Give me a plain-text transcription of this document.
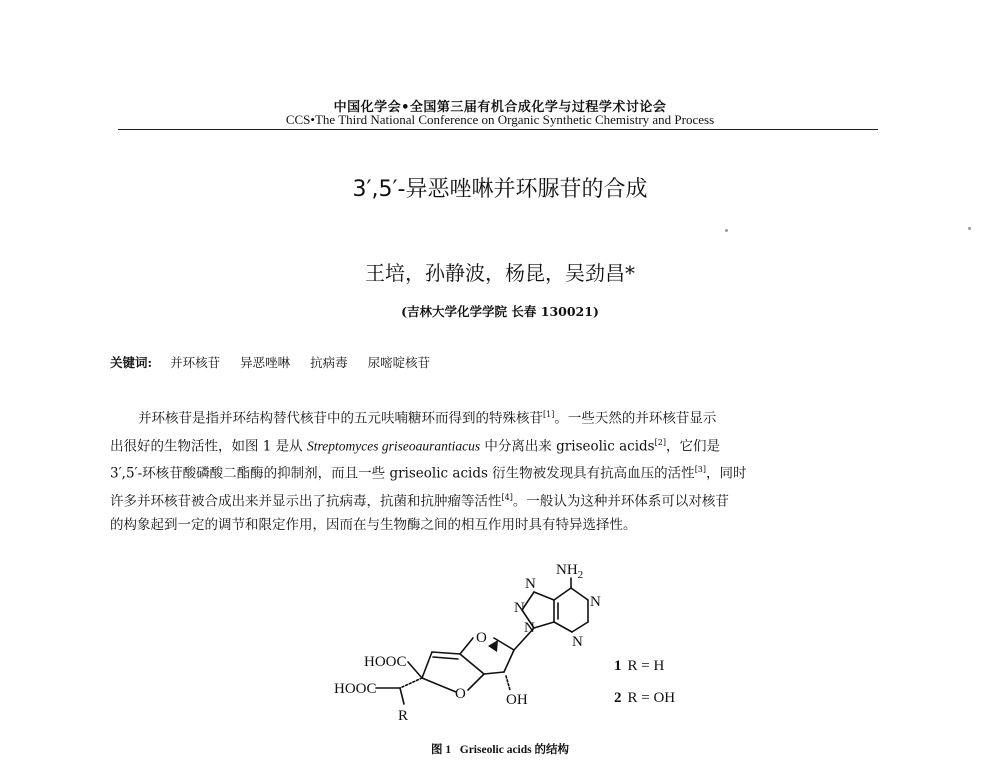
中国化学会•全国第三届有机合成化学与过程学术讨论会
CCS•The Third National Conference on Organic Synthetic Chemistry and Process
3′,5′-异恶唑啉并环脲苷的合成
王培，孙静波，杨昆，吴劲昌*
(吉林大学化学学院 长春 130021)
关键词: 并环核苷 异恶唑啉 抗病毒 尿嘧啶核苷
并环核苷是指并环结构替代核苷中的五元呋喃糖环而得到的特殊核苷[1]。一些天然的并环核苷显示
出很好的生物活性，如图 1 是从 Streptomyces griseoaurantiacus 中分离出来 griseolic acids[2]，它们是
3′,5′-环核苷酸磷酸二酯酶的抑制剂，而且一些 griseolic acids 衍生物被发现具有抗高血压的活性[3]，同时
许多并环核苷被合成出来并显示出了抗病毒，抗菌和抗肿瘤等活性[4]。一般认为这种并环体系可以对核苷
的构象起到一定的调节和限定作用，因而在与生物酶之间的相互作用时具有特异选择性。
$NH_2$
N
N
N
N
N
O
O
HOOC
HOOC
OH
R
1 R = H
2 R = OH
图 1 Griseolic acids 的结构
